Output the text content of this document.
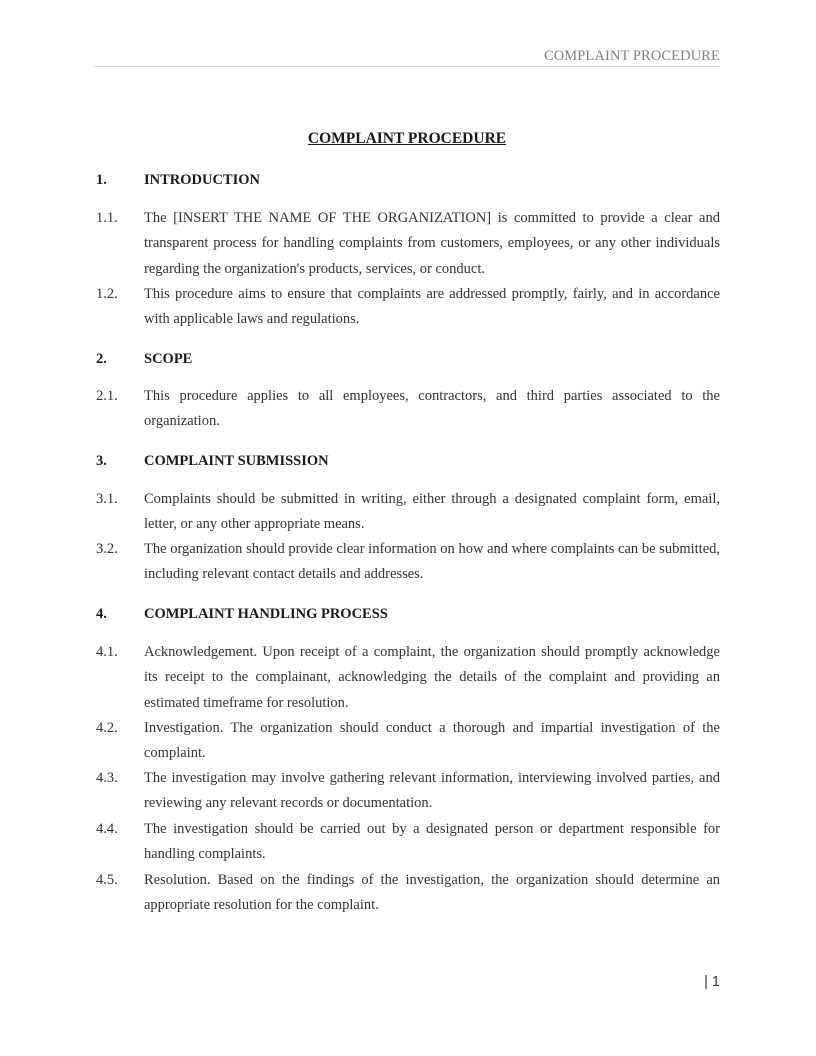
COMPLAINT PROCEDURE
COMPLAINT PROCEDURE
1.	INTRODUCTION
1.1. The [INSERT THE NAME OF THE ORGANIZATION] is committed to provide a clear and transparent process for handling complaints from customers, employees, or any other individuals regarding the organization's products, services, or conduct.
1.2. This procedure aims to ensure that complaints are addressed promptly, fairly, and in accordance with applicable laws and regulations.
2.	SCOPE
2.1. This procedure applies to all employees, contractors, and third parties associated to the organization.
3.	COMPLAINT SUBMISSION
3.1. Complaints should be submitted in writing, either through a designated complaint form, email, letter, or any other appropriate means.
3.2. The organization should provide clear information on how and where complaints can be submitted, including relevant contact details and addresses.
4.	COMPLAINT HANDLING PROCESS
4.1. Acknowledgement. Upon receipt of a complaint, the organization should promptly acknowledge its receipt to the complainant, acknowledging the details of the complaint and providing an estimated timeframe for resolution.
4.2. Investigation. The organization should conduct a thorough and impartial investigation of the complaint.
4.3. The investigation may involve gathering relevant information, interviewing involved parties, and reviewing any relevant records or documentation.
4.4. The investigation should be carried out by a designated person or department responsible for handling complaints.
4.5. Resolution. Based on the findings of the investigation, the organization should determine an appropriate resolution for the complaint.
| 1
